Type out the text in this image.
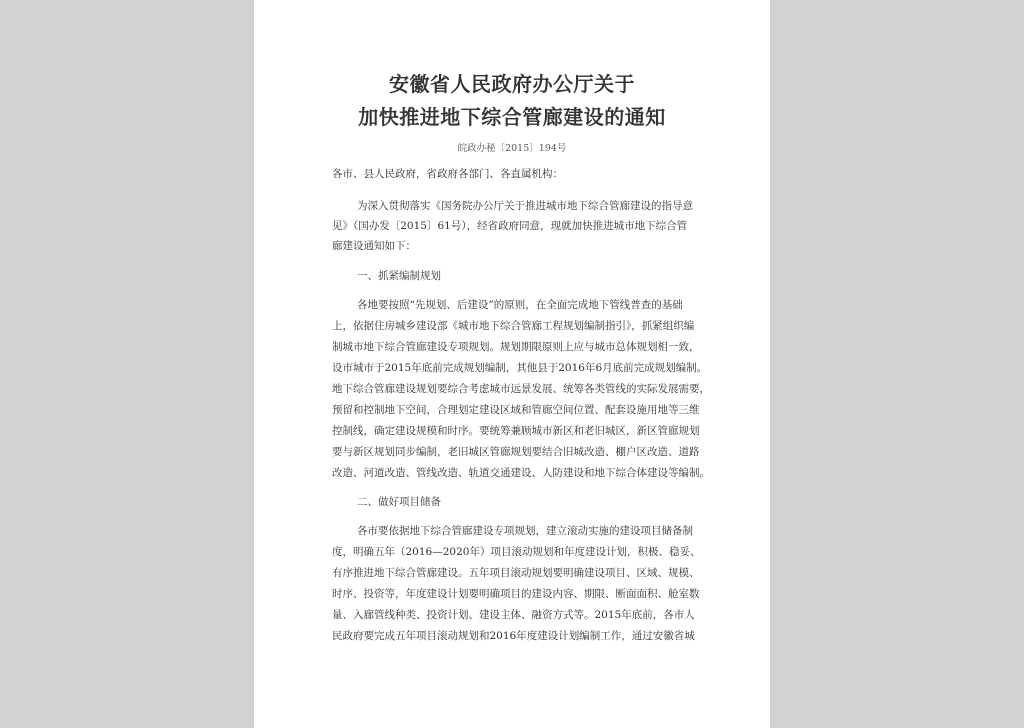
安徽省人民政府办公厅关于
加快推进地下综合管廊建设的通知
皖政办秘〔2015〕194号
各市、县人民政府，省政府各部门、各直属机构：
为深入贯彻落实《国务院办公厅关于推进城市地下综合管廊建设的指导意
见》（国办发〔2015〕61号），经省政府同意，现就加快推进城市地下综合管
廊建设通知如下：
一、抓紧编制规划
各地要按照“先规划、后建设”的原则，在全面完成地下管线普查的基础
上，依据住房城乡建设部《城市地下综合管廊工程规划编制指引》，抓紧组织编
制城市地下综合管廊建设专项规划。规划期限原则上应与城市总体规划相一致，
设市城市于2015年底前完成规划编制，其他县于2016年6月底前完成规划编制。
地下综合管廊建设规划要综合考虑城市远景发展、统筹各类管线的实际发展需要，
预留和控制地下空间，合理划定建设区域和管廊空间位置、配套设施用地等三维
控制线，确定建设规模和时序。要统筹兼顾城市新区和老旧城区，新区管廊规划
要与新区规划同步编制，老旧城区管廊规划要结合旧城改造、棚户区改造、道路
改造、河道改造、管线改造、轨道交通建设、人防建设和地下综合体建设等编制。
二、做好项目储备
各市要依据地下综合管廊建设专项规划，建立滚动实施的建设项目储备制
度，明确五年（2016—2020年）项目滚动规划和年度建设计划，积极、稳妥、
有序推进地下综合管廊建设。五年项目滚动规划要明确建设项目、区域、规模、
时序、投资等，年度建设计划要明确项目的建设内容、期限、断面面积、舱室数
量、入廊管线种类、投资计划、建设主体、融资方式等。2015年底前，各市人
民政府要完成五年项目滚动规划和2016年度建设计划编制工作，通过安徽省城
